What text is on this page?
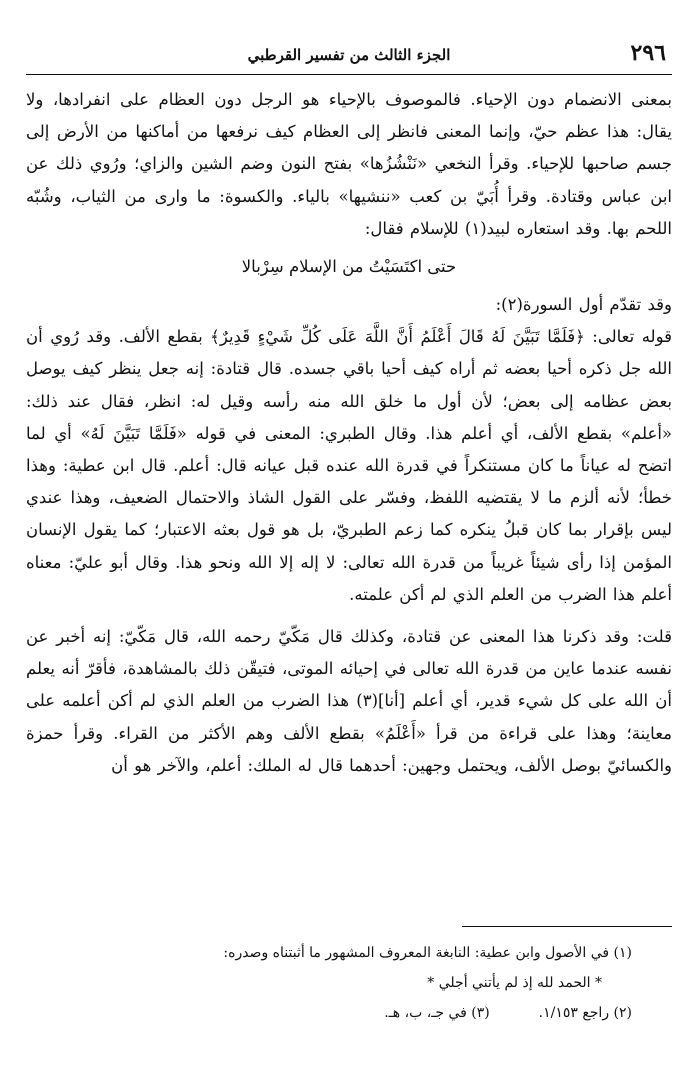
٢٩٦
الجزء الثالث من تفسير القرطبي

بمعنى الانضمام دون الإحياء. فالموصوف بالإحياء هو الرجل دون العظام على انفرادها، ولا يقال: هذا عظم حيّ، وإنما المعنى فانظر إلى العظام كيف نرفعها من أماكنها من الأرض إلى جسم صاحبها للإحياء. وقرأ النخعي «نَنْشُزُها» بفتح النون وضم الشين والزاي؛ ورُوي ذلك عن ابن عباس وقتادة. وقرأ أُبَيّ بن كعب «ننشيها» بالياء. والكسوة: ما وارى من الثياب، وشُبّه اللحم بها. وقد استعاره لبيد(١) للإسلام فقال:

حتى اكتَسَيْتُ من الإسلام سِرْبالا

وقد تقدّم أول السورة(٢):

قوله تعالى: ﴿فَلَمَّا تَبَيَّنَ لَهُ قَالَ أَعْلَمُ أَنَّ اللَّهَ عَلَى كُلِّ شَيْءٍ قَدِيرٌ﴾ بقطع الألف. وقد رُوي أن الله جل ذكره أحيا بعضه ثم أراه كيف أحيا باقي جسده. قال قتادة: إنه جعل ينظر كيف يوصل بعض عظامه إلى بعض؛ لأن أول ما خلق الله منه رأسه وقيل له: انظر، فقال عند ذلك: «أعلم» بقطع الألف، أي أعلم هذا. وقال الطبري: المعنى في قوله «فَلَمَّا تَبَيَّنَ لَهُ» أي لما اتضح له عياناً ما كان مستنكراً في قدرة الله عنده قبل عيانه قال: أعلم. قال ابن عطية: وهذا خطأ؛ لأنه ألزم ما لا يقتضيه اللفظ، وفسّر على القول الشاذ والاحتمال الضعيف، وهذا عندي ليس بإقرار بما كان قبلُ ينكره كما زعم الطبريّ، بل هو قول بعثه الاعتبار؛ كما يقول الإنسان المؤمن إذا رأى شيئاً غريباً من قدرة الله تعالى: لا إله إلا الله ونحو هذا. وقال أبو عليّ: معناه أعلم هذا الضرب من العلم الذي لم أكن علمته.

قلت: وقد ذكرنا هذا المعنى عن قتادة، وكذلك قال مَكّيّ رحمه الله، قال مَكّيّ: إنه أخبر عن نفسه عندما عاين من قدرة الله تعالى في إحيائه الموتى، فتيقّن ذلك بالمشاهدة، فأقرّ أنه يعلم أن الله على كل شيء قدير، أي أعلم [أنا](٣) هذا الضرب من العلم الذي لم أكن أعلمه على معاينة؛ وهذا على قراءة من قرأ «أَعْلَمُ» بقطع الألف وهم الأكثر من القراء. وقرأ حمزة والكسائيّ بوصل الألف، ويحتمل وجهين: أحدهما قال له الملك: أعلم، والآخر هو أن

(١) في الأصول وابن عطية: النابغة المعروف المشهور ما أثبتناه وصدره:

* الحمد لله إذ لم يأتني أجلي *

(٢) راجع ١/١٥٣.  (٣) في جـ، ب، هـ.
